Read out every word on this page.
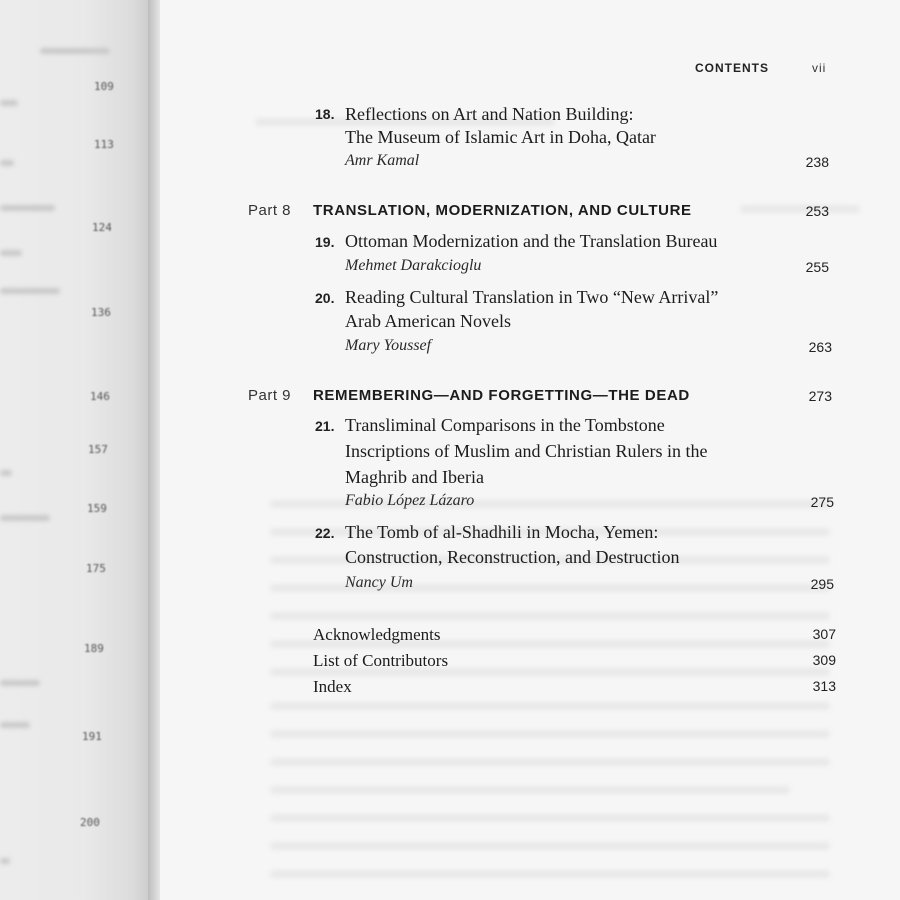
109
113
124
136
146
157
159
175
189
191
200
CONTENTS	vii
18. Reflections on Art and Nation Building:
The Museum of Islamic Art in Doha, Qatar
Amr Kamal	238
Part 8 TRANSLATION, MODERNIZATION, AND CULTURE	253
19. Ottoman Modernization and the Translation Bureau
Mehmet Darakcioglu	255
20. Reading Cultural Translation in Two “New Arrival”
Arab American Novels
Mary Youssef	263
Part 9 REMEMBERING—AND FORGETTING—THE DEAD	273
21. Transliminal Comparisons in the Tombstone
Inscriptions of Muslim and Christian Rulers in the
Maghrib and Iberia
Fabio López Lázaro	275
22. The Tomb of al-Shadhili in Mocha, Yemen:
Construction, Reconstruction, and Destruction
Nancy Um	295
Acknowledgments	307
List of Contributors	309
Index	313
